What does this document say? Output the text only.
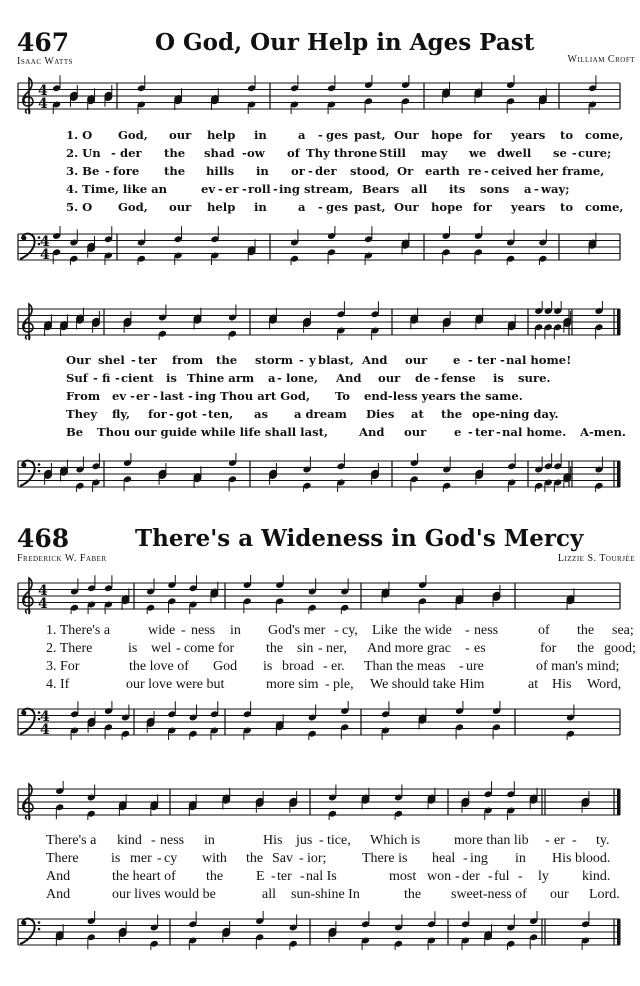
467	O God, Our Help in Ages Past
Isaac Watts	William Croft
4
4
1. O God, our help in	a - ges past, Our hope for years to come,
2. Un - der the shad - ow of Thy throne Still may we dwell se - cure;
3. Be - fore the hills in or - der stood, Or earth re - ceived her frame,
4. Time, like an	ev - er - roll - ing stream, Bears all its sons a - way;
5. O God, our help in	a - ges past, Our hope for years to come,
4
4
Our shel - ter from the storm - y blast, And our e - ter - nal home!
Suf - fi - cient is Thine arm a - lone, And our de - fense is sure.
From ev - er - last - ing Thou art God, To end-less years the same.
They fly, for - got - ten, as a dream Dies at the ope-ning day.
Be Thou our guide while life shall last,	And our e - ter - nal home. A-men.
468	There's a Wideness in God's Mercy
Frederick W. Faber	Lizzie S. Tourjée
4
4
1. There's a	wide - ness in God's mer - cy, Like the wide - ness	of the sea;
2. There	is wel - come for the sin - ner, And more grac - es	for the good;
3. For	the love of God is broad - er. Than the meas - ure	of man's mind;
4. If	our love were but	more sim - ple, We should take Him	at His Word,
4
4
There's a kind - ness in	His jus - tice, Which is more than lib - er - ty.
There is mer - cy with the Sav - ior;	There is heal - ing in His blood.
And	the heart of the E - ter - nal Is	most won - der - ful - ly kind.
And	our lives would be	all sun-shine In	the sweet-ness of our Lord.
